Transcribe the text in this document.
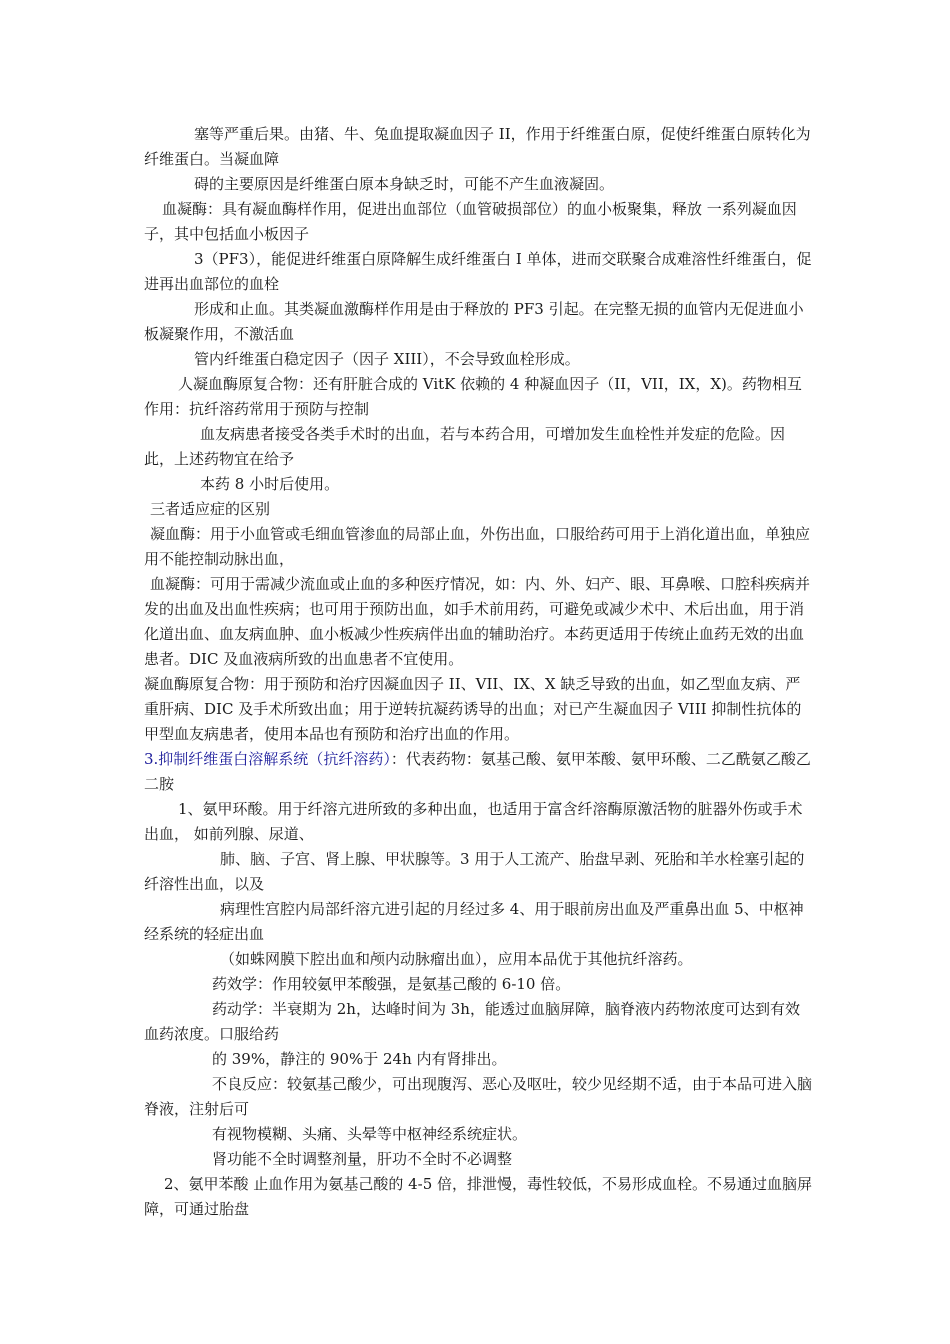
塞等严重后果。由猪、牛、兔血提取凝血因子 II，作用于纤维蛋白原，促使纤维蛋白原转化为纤维蛋白。当凝血障

碍的主要原因是纤维蛋白原本身缺乏时，可能不产生血液凝固。

血凝酶：具有凝血酶样作用，促进出血部位（血管破损部位）的血小板聚集，释放 一系列凝血因子，其中包括血小板因子

3（PF3），能促进纤维蛋白原降解生成纤维蛋白 I 单体，进而交联聚合成难溶性纤维蛋白，促进再出血部位的血栓

形成和止血。其类凝血激酶样作用是由于释放的 PF3 引起。在完整无损的血管内无促进血小板凝聚作用，不激活血

管内纤维蛋白稳定因子（因子 XIII），不会导致血栓形成。

人凝血酶原复合物：还有肝脏合成的 VitK 依赖的 4 种凝血因子（II，VII，IX，X)。药物相互作用：抗纤溶药常用于预防与控制

血友病患者接受各类手术时的出血，若与本药合用，可增加发生血栓性并发症的危险。因此，上述药物宜在给予

本药 8 小时后使用。

三者适应症的区别

凝血酶：用于小血管或毛细血管渗血的局部止血，外伤出血，口服给药可用于上消化道出血，单独应用不能控制动脉出血，

血凝酶：可用于需减少流血或止血的多种医疗情况，如：内、外、妇产、眼、耳鼻喉、口腔科疾病并发的出血及出血性疾病；也可用于预防出血，如手术前用药，可避免或减少术中、术后出血，用于消化道出血、血友病血肿、血小板减少性疾病伴出血的辅助治疗。本药更适用于传统止血药无效的出血患者。DIC 及血液病所致的出血患者不宜使用。

凝血酶原复合物：用于预防和治疗因凝血因子 II、VII、IX、X 缺乏导致的出血，如乙型血友病、严重肝病、DIC 及手术所致出血；用于逆转抗凝药诱导的出血；对已产生凝血因子 VIII 抑制性抗体的甲型血友病患者，使用本品也有预防和治疗出血的作用。

3.抑制纤维蛋白溶解系统（抗纤溶药）：代表药物：氨基己酸、氨甲苯酸、氨甲环酸、二乙酰氨乙酸乙二胺

1、氨甲环酸。用于纤溶亢进所致的多种出血，也适用于富含纤溶酶原激活物的脏器外伤或手术出血， 如前列腺、尿道、

肺、脑、子宫、肾上腺、甲状腺等。3 用于人工流产、胎盘早剥、死胎和羊水栓塞引起的纤溶性出血，以及

病理性宫腔内局部纤溶亢进引起的月经过多 4、用于眼前房出血及严重鼻出血 5、中枢神经系统的轻症出血

（如蛛网膜下腔出血和颅内动脉瘤出血），应用本品优于其他抗纤溶药。

药效学：作用较氨甲苯酸强，是氨基己酸的 6-10 倍。

药动学：半衰期为 2h，达峰时间为 3h，能透过血脑屏障，脑脊液内药物浓度可达到有效血药浓度。口服给药

的 39%，静注的 90%于 24h 内有肾排出。

不良反应：较氨基己酸少，可出现腹泻、恶心及呕吐，较少见经期不适，由于本品可进入脑脊液，注射后可

有视物模糊、头痛、头晕等中枢神经系统症状。

肾功能不全时调整剂量，肝功不全时不必调整

2、氨甲苯酸 止血作用为氨基己酸的 4-5 倍，排泄慢，毒性较低，不易形成血栓。不易通过血脑屏障，可通过胎盘
